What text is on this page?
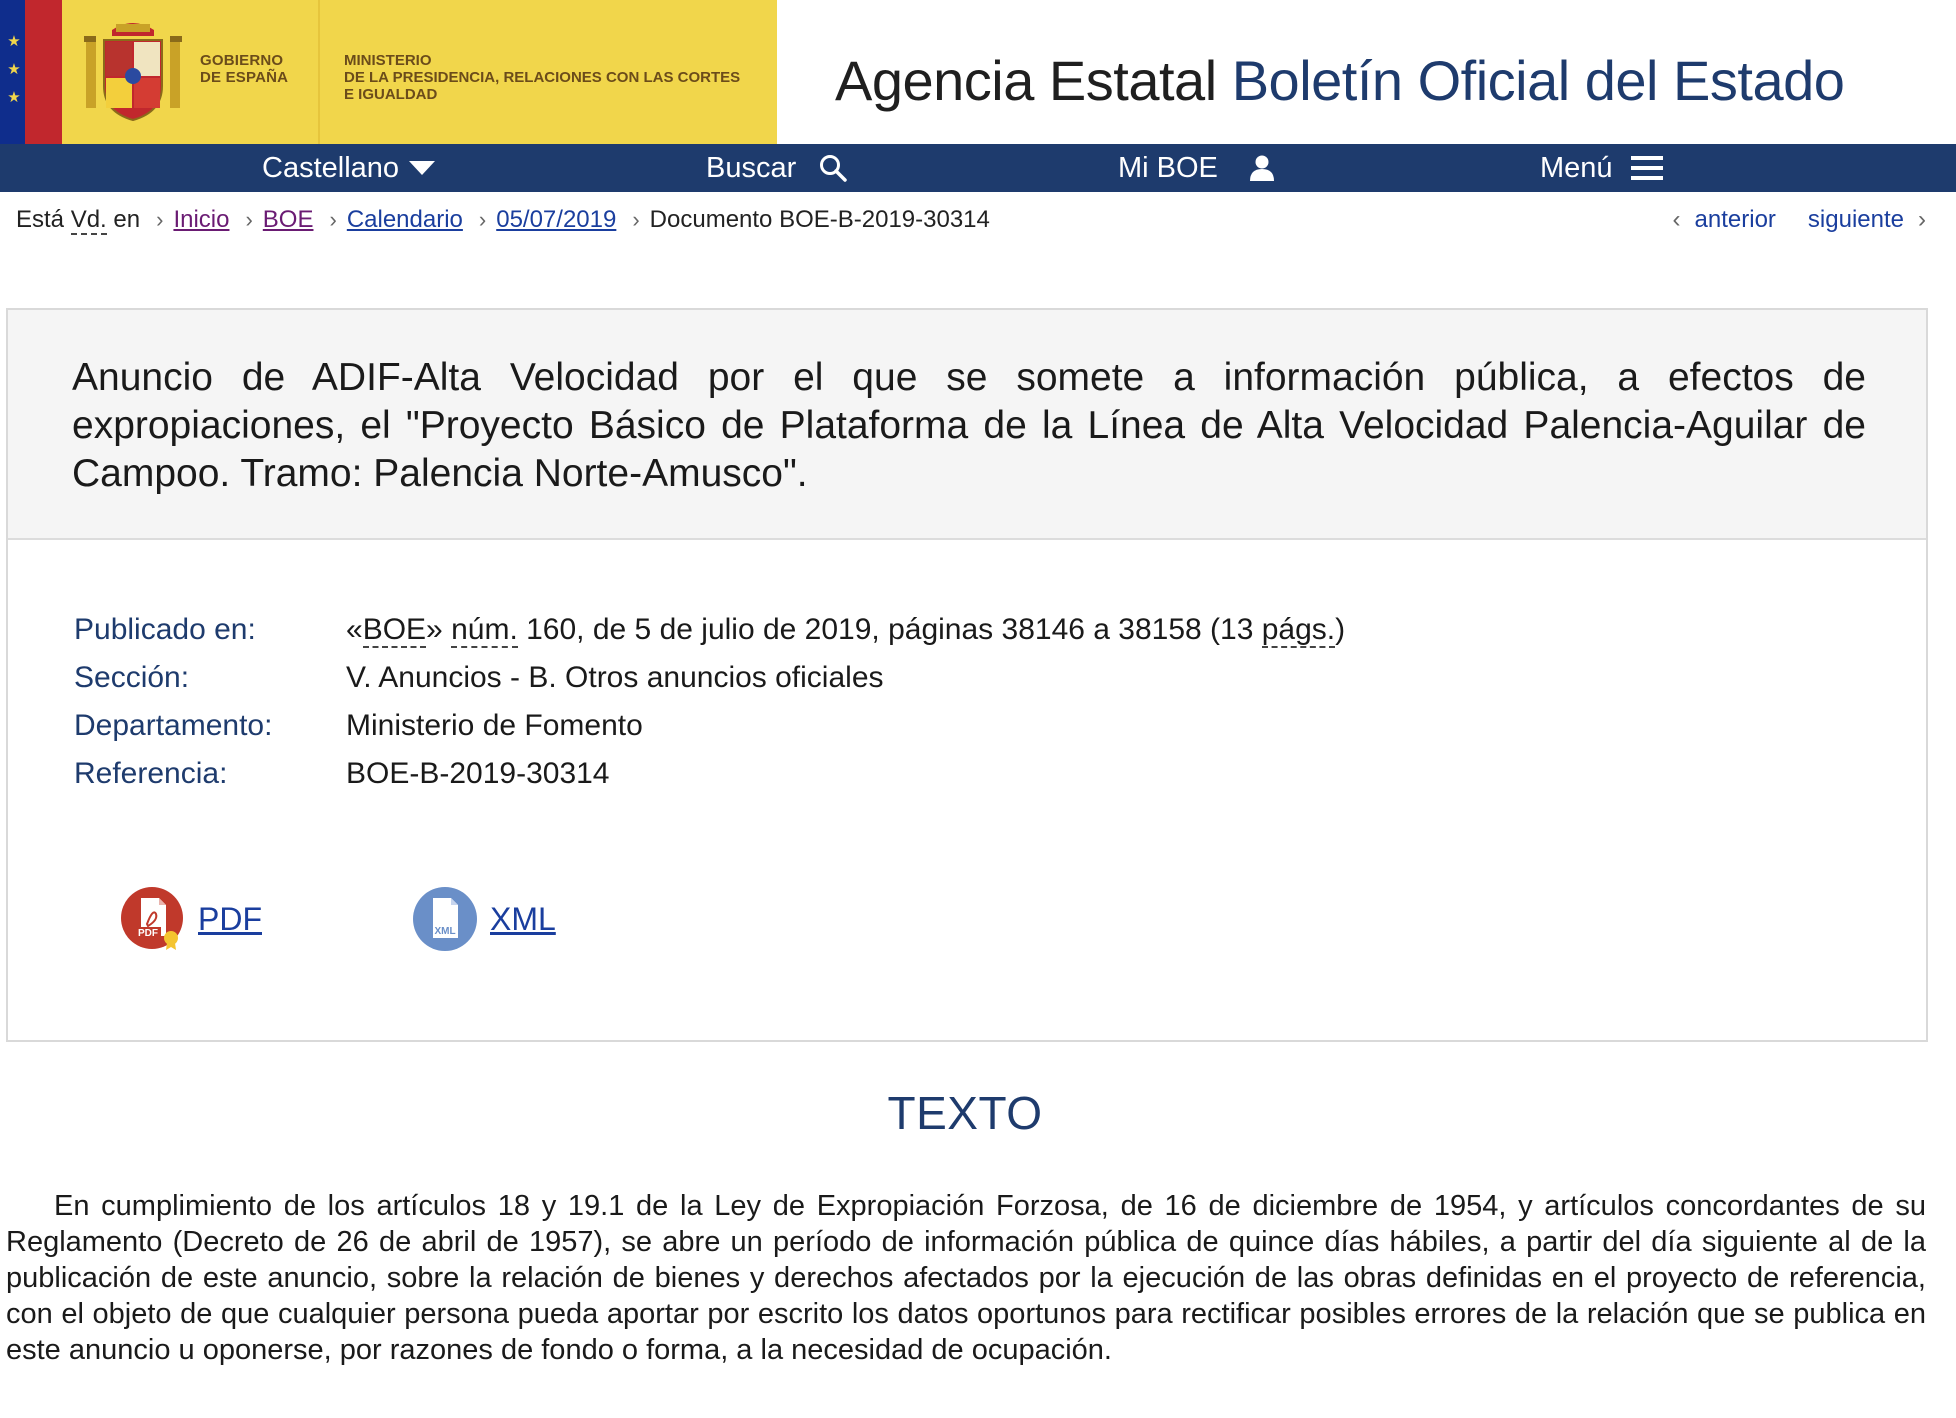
★
★
★
GOBIERNO
DE ESPAÑA
MINISTERIO
DE LA PRESIDENCIA, RELACIONES CON LAS CORTES
E IGUALDAD	Agencia Estatal Boletín Oficial del Estado
Castellano	Buscar	Mi BOE	Menú
Está Vd. en › Inicio › BOE › Calendario › 05/07/2019 › Documento BOE-B-2019-30314	‹ anterior siguiente ›
Anuncio de ADIF-Alta Velocidad por el que se somete a información pública, a efectos de expropiaciones, el "Proyecto Básico de Plataforma de la Línea de Alta Velocidad Palencia-Aguilar de Campoo. Tramo: Palencia Norte-Amusco".
Publicado en:	«BOE» núm. 160, de 5 de julio de 2019, páginas 38146 a 38158 (13 págs.)
Sección:	V. Anuncios - B. Otros anuncios oficiales
Departamento:	Ministerio de Fomento
Referencia:	BOE-B-2019-30314
PDF PDF	XML XML
TEXTO

En cumplimiento de los artículos 18 y 19.1 de la Ley de Expropiación Forzosa, de 16 de diciembre de 1954, y artículos concordantes de su Reglamento (Decreto de 26 de abril de 1957), se abre un período de información pública de quince días hábiles, a partir del día siguiente al de la publicación de este anuncio, sobre la relación de bienes y derechos afectados por la ejecución de las obras definidas en el proyecto de referencia, con el objeto de que cualquier persona pueda aportar por escrito los datos oportunos para rectificar posibles errores de la relación que se publica en este anuncio u oponerse, por razones de fondo o forma, a la necesidad de ocupación.
